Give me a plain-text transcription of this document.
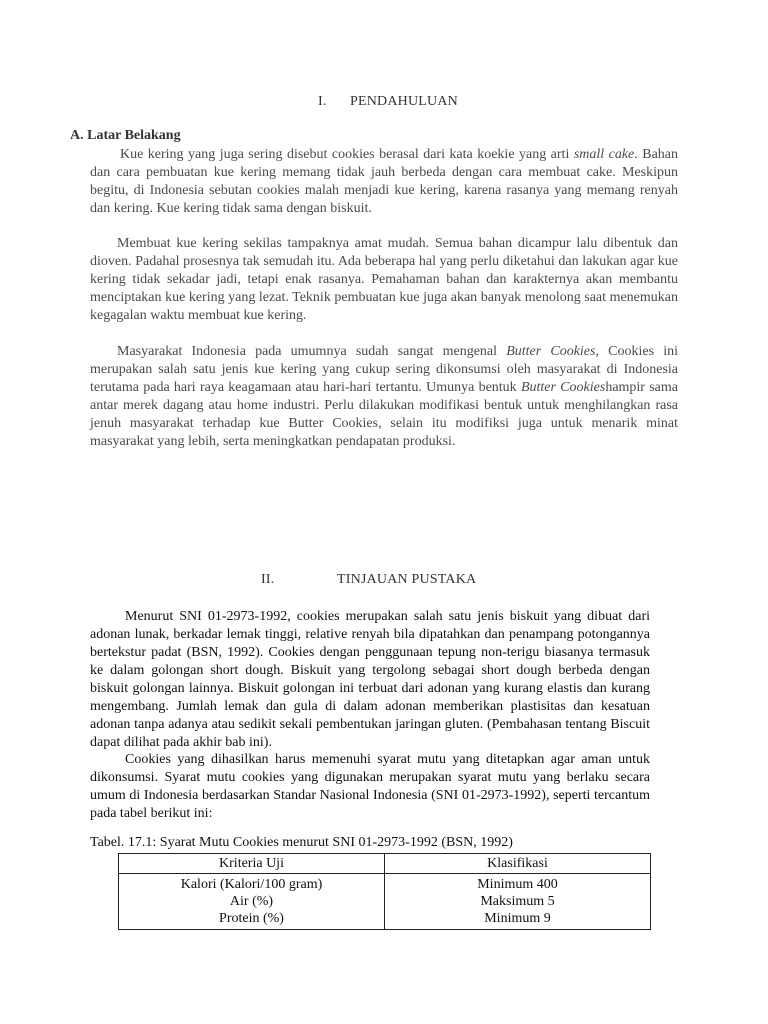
I. PENDAHULUAN
A. Latar Belakang

Kue kering yang juga sering disebut cookies berasal dari kata koekie yang arti small cake. Bahan dan cara pembuatan kue kering memang tidak jauh berbeda dengan cara membuat cake. Meskipun begitu, di Indonesia sebutan cookies malah menjadi kue kering, karena rasanya yang memang renyah dan kering. Kue kering tidak sama dengan biskuit.

Membuat kue kering sekilas tampaknya amat mudah. Semua bahan dicampur lalu dibentuk dan dioven. Padahal prosesnya tak semudah itu. Ada beberapa hal yang perlu diketahui dan lakukan agar kue kering tidak sekadar jadi, tetapi enak rasanya. Pemahaman bahan dan karakternya akan membantu menciptakan kue kering yang lezat. Teknik pembuatan kue juga akan banyak menolong saat menemukan kegagalan waktu membuat kue kering.

Masyarakat Indonesia pada umumnya sudah sangat mengenal Butter Cookies, Cookies ini merupakan salah satu jenis kue kering yang cukup sering dikonsumsi oleh masyarakat di Indonesia terutama pada hari raya keagamaan atau hari-hari tertantu. Umunya bentuk Butter Cookieshampir sama antar merek dagang atau home industri. Perlu dilakukan modifikasi bentuk untuk menghilangkan rasa jenuh masyarakat terhadap kue Butter Cookies, selain itu modifiksi juga untuk menarik minat masyarakat yang lebih, serta meningkatkan pendapatan produksi.

II.	TINJAUAN PUSTAKA

Menurut SNI 01-2973-1992, cookies merupakan salah satu jenis biskuit yang dibuat dari adonan lunak, berkadar lemak tinggi, relative renyah bila dipatahkan dan penampang potongannya bertekstur padat (BSN, 1992). Cookies dengan penggunaan tepung non-terigu biasanya termasuk ke dalam golongan short dough. Biskuit yang tergolong sebagai short dough berbeda dengan biskuit golongan lainnya. Biskuit golongan ini terbuat dari adonan yang kurang elastis dan kurang mengembang. Jumlah lemak dan gula di dalam adonan memberikan plastisitas dan kesatuan adonan tanpa adanya atau sedikit sekali pembentukan jaringan gluten. (Pembahasan tentang Biscuit dapat dilihat pada akhir bab ini).

Cookies yang dihasilkan harus memenuhi syarat mutu yang ditetapkan agar aman untuk dikonsumsi. Syarat mutu cookies yang digunakan merupakan syarat mutu yang berlaku secara umum di Indonesia berdasarkan Standar Nasional Indonesia (SNI 01-2973-1992), seperti tercantum pada tabel berikut ini:

Tabel. 17.1: Syarat Mutu Cookies menurut SNI 01-2973-1992 (BSN, 1992)
Kriteria Uji	Klasifikasi
Kalori (Kalori/100 gram)	Minimum 400
Air (%)	Maksimum 5
Protein (%)	Minimum 9
